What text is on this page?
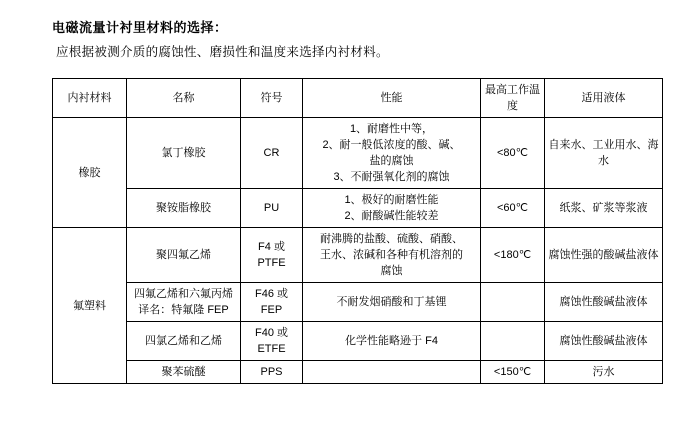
电磁流量计衬里材料的选择：

应根据被测介质的腐蚀性、磨损性和温度来选择内衬材料。

内衬材料	名称	符号	性能	最高工作温度	适用液体
橡胶	氯丁橡胶	CR	1、耐磨性中等，
2、耐一般低浓度的酸、碱、
盐的腐蚀
3、不耐强氧化剂的腐蚀	<80℃	自来水、工业用水、海水
	聚铵脂橡胶	PU	1、极好的耐磨性能
2、耐酸碱性能较差	<60℃	纸浆、矿浆等浆液
氟塑料	聚四氟乙烯	F4 或 PTFE	耐沸腾的盐酸、硫酸、硝酸、
王水、浓碱和各种有机溶剂的
腐蚀	<180℃	腐蚀性强的酸碱盐液体
	四氟乙烯和六氟丙烯译名：特氟隆 FEP	F46 或 FEP	不耐发烟硝酸和丁基锂		腐蚀性酸碱盐液体
	四氯乙烯和乙烯	F40 或 ETFE	化学性能略逊于 F4		腐蚀性酸碱盐液体
	聚苯硫醚	PPS		<150℃	污水
